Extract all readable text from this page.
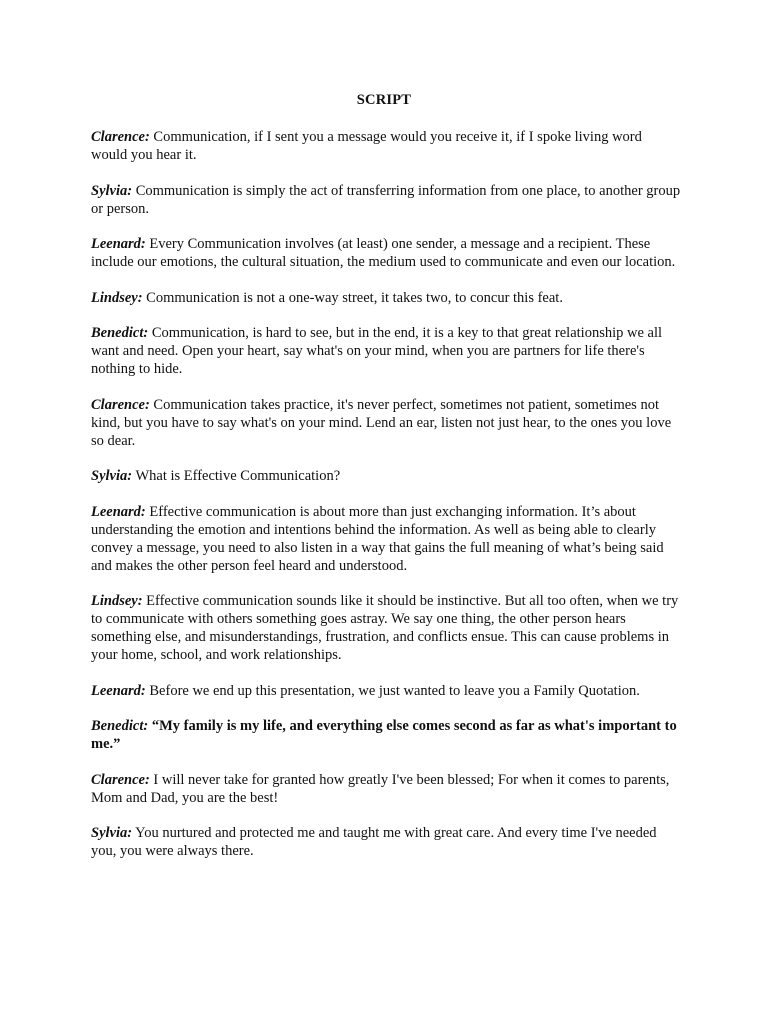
SCRIPT

Clarence: Communication, if I sent you a message would you receive it, if I spoke living word would you hear it.

Sylvia: Communication is simply the act of transferring information from one place, to another group or person.

Leenard: Every Communication involves (at least) one sender, a message and a recipient. These include our emotions, the cultural situation, the medium used to communicate and even our location.

Lindsey: Communication is not a one-way street, it takes two, to concur this feat.

Benedict: Communication, is hard to see, but in the end, it is a key to that great relationship we all want and need. Open your heart, say what's on your mind, when you are partners for life there's nothing to hide.

Clarence: Communication takes practice, it's never perfect, sometimes not patient, sometimes not kind, but you have to say what's on your mind. Lend an ear, listen not just hear, to the ones you love so dear.

Sylvia: What is Effective Communication?

Leenard: Effective communication is about more than just exchanging information. It’s about understanding the emotion and intentions behind the information. As well as being able to clearly convey a message, you need to also listen in a way that gains the full meaning of what’s being said and makes the other person feel heard and understood.

Lindsey: Effective communication sounds like it should be instinctive. But all too often, when we try to communicate with others something goes astray. We say one thing, the other person hears something else, and misunderstandings, frustration, and conflicts ensue. This can cause problems in your home, school, and work relationships.

Leenard: Before we end up this presentation, we just wanted to leave you a Family Quotation.

Benedict: “My family is my life, and everything else comes second as far as what's important to me.”

Clarence: I will never take for granted how greatly I've been blessed; For when it comes to parents, Mom and Dad, you are the best!

Sylvia: You nurtured and protected me and taught me with great care. And every time I've needed you, you were always there.
